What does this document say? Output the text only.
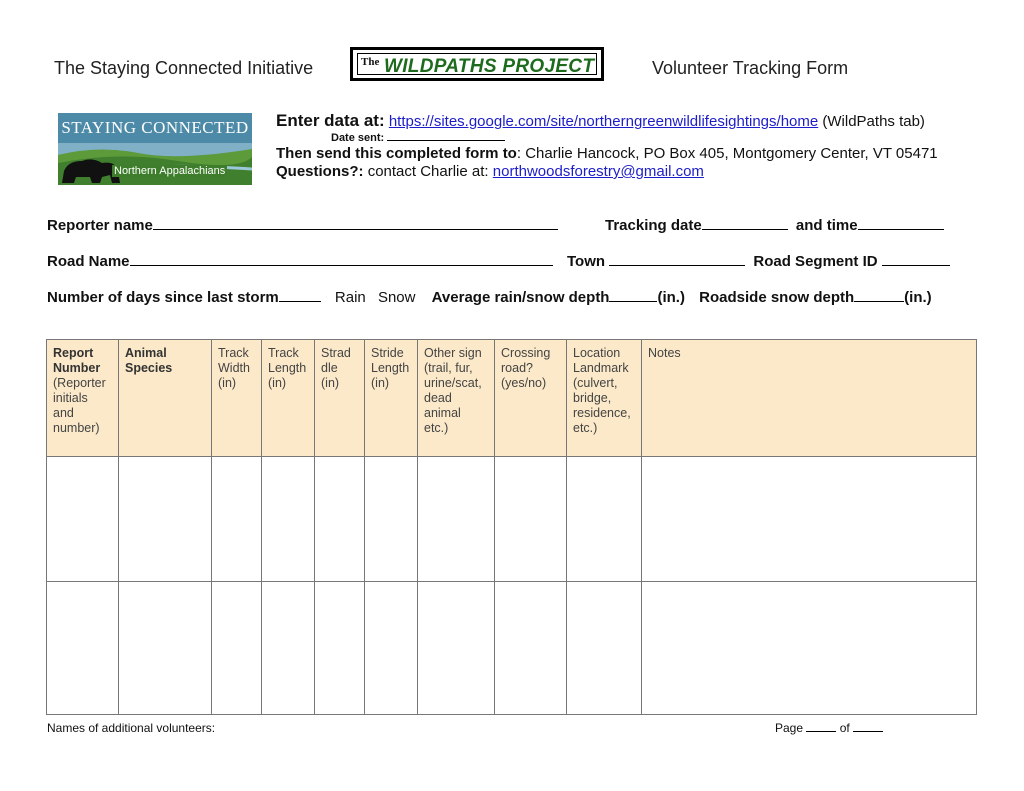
The Staying Connected Initiative	The WILDPATHS PROJECT	Volunteer Tracking Form
STAYING CONNECTED
Northern Appalachians
Enter data at: https://sites.google.com/site/northerngreenwildlifesightings/home (WildPaths tab)
Date sent:
Then send this completed form to: Charlie Hancock, PO Box 405, Montgomery Center, VT 05471
Questions?: contact Charlie at: northwoodsforestry@gmail.com
Reporter name	Tracking date	and time
Road Name	Town	Road Segment ID
Number of days since last storm	Rain Snow Average rain/snow depth	(in.) Roadside snow depth	(in.)
Report Number
(Reporter initials and number)	Animal Species	Track Width (in)	Track Length (in)	Strad dle (in)	Stride Length (in)	Other sign (trail, fur, urine/scat, dead animal etc.)	Crossing road? (yes/no)	Location Landmark (culvert, bridge, residence, etc.)	Notes

Names of additional volunteers:	Page	of
